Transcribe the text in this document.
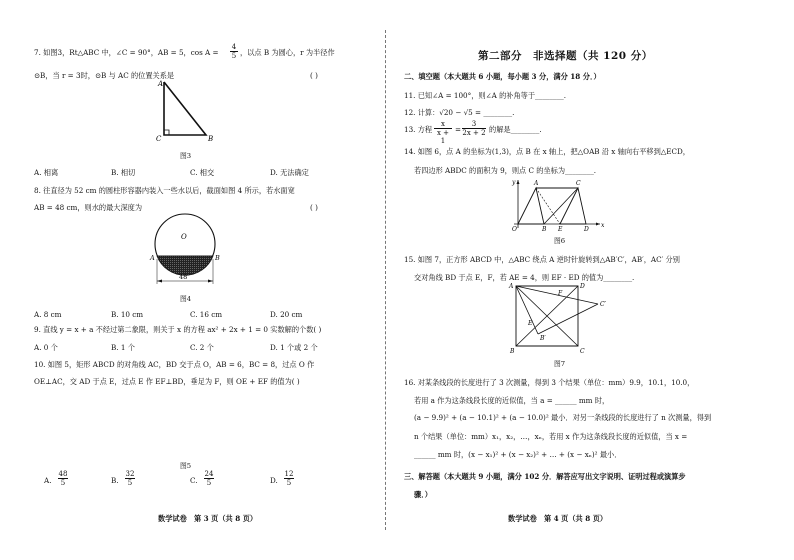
7. 如图3，Rt△ABC 中，∠C = 90°，AB = 5，$\cos A = \frac{4}{5}$ ，以点 B 为圆心，r 为半径作
⊙B，当 r = 3时，⊙B 与 AC 的位置关系是	( )
A
C	B
图3
A. 相离	B. 相切	C. 相交	D. 无法确定
8. 往直径为 52 cm 的圆柱形容器内装入一些水以后，截面如图 4 所示，若水面宽
AB = 48 cm，则水的最大深度为	( )
O
A	B
48
图4
A. 8 cm	B. 10 cm	C. 16 cm	D. 20 cm
9. 直线 y = x + a 不经过第二象限，则关于 x 的方程 ax² + 2x + 1 = 0 实数解的个数( )
A. 0 个	B. 1 个	C. 2 个	D. 1 个或 2 个
10. 如图 5，矩形 ABCD 的对角线 AC，BD 交于点 O，AB = 6，BC = 8，过点 O 作
OE⊥AC，交 AD 于点 E，过点 E 作 EF⊥BD，垂足为 F，则 OE + EF 的值为( )
图5
A. $\frac{48}{5}$	B. $\frac{32}{5}$	C. $\frac{24}{5}$	D. $\frac{12}{5}$
数学试卷　第 3 页（共 8 页）
第二部分　非选择题（共 120 分）
二、填空题（本大题共 6 小题，每小题 3 分，满分 18 分．）
11. 已知∠A = 100°，则∠A 的补角等于________.
12. 计算：√20 − √5 = ________.
13. 方程 $\frac{x}{x + 1} = \frac{3}{2x + 2}$ 的解是________.
14. 如图 6，点 A 的坐标为(1,3)，点 B 在 x 轴上，把△OAB 沿 x 轴向右平移到△ECD，
若四边形 ABDC 的面积为 9，则点 C 的坐标为________.
y	A	C
O	B E	D
x
图6
15. 如图 7，正方形 ABCD 中，△ABC 绕点 A 逆时针旋转到△AB′C′，AB′，AC′ 分别
交对角线 BD 于点 E，F，若 AE = 4，则 EF · ED 的值为________.
A	D
F
C′
E
B′
B	C
图7
16. 对某条线段的长度进行了 3 次测量，得到 3 个结果（单位：mm）9.9，10.1，10.0，
若用 a 作为这条线段长度的近似值，当 a = ______ mm 时，
(a − 9.9)² + (a − 10.1)² + (a − 10.0)² 最小．对另一条线段的长度进行了 n 次测量，得到
n 个结果（单位：mm）x₁，x₂，…，xₙ，若用 x 作为这条线段长度的近似值，当 x =
______ mm 时，(x − x₁)² + (x − x₂)² + … + (x − xₙ)² 最小．
三、解答题（本大题共 9 小题，满分 102 分．解答应写出文字说明、证明过程或演算步
骤．）
数学试卷　第 4 页（共 8 页）
